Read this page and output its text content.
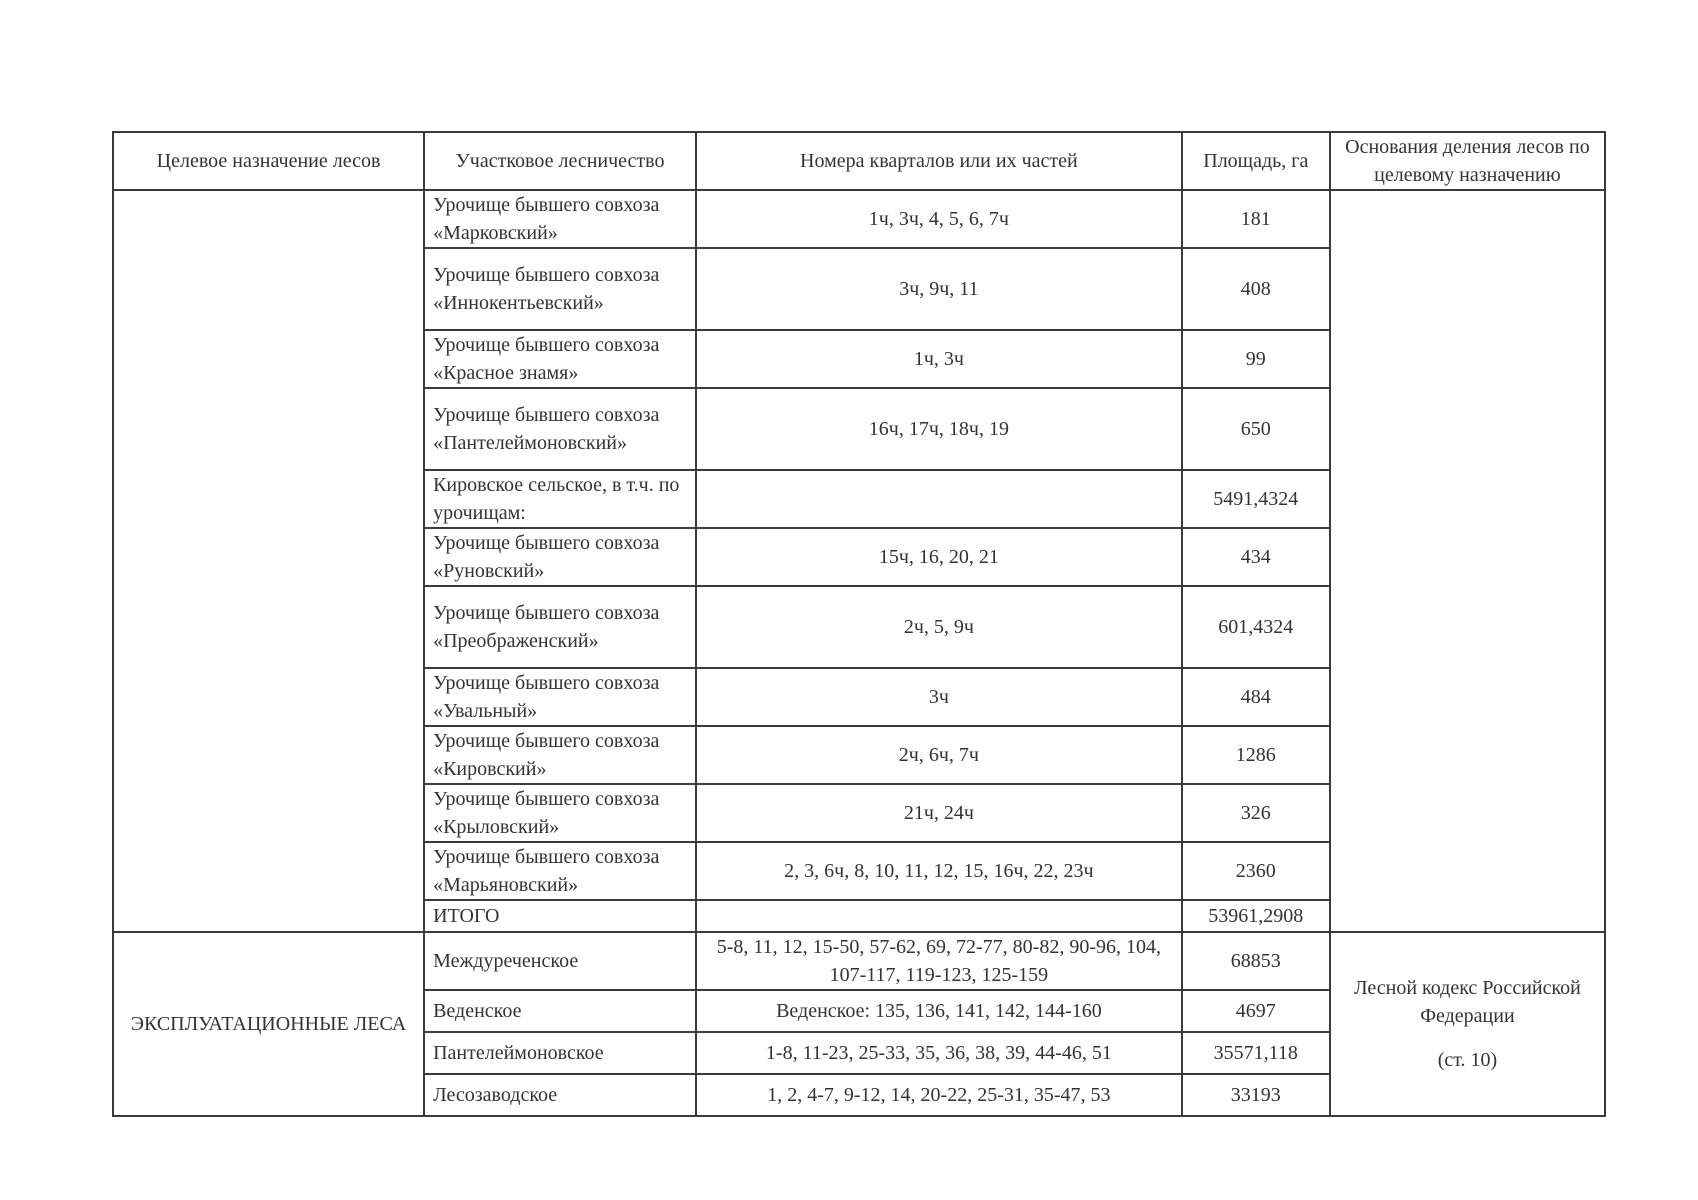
Целевое назначение лесов	Участковое лесничество	Номера кварталов или их частей	Площадь, га	Основания деления лесов по целевому назначению
	Урочище бывшего совхоза «Марковский»	1ч, 3ч, 4, 5, 6, 7ч	181	
	Урочище бывшего совхоза «Иннокентьевский»	3ч, 9ч, 11	408	
	Урочище бывшего совхоза «Красное знамя»	1ч, 3ч	99	
	Урочище бывшего совхоза «Пантелеймоновский»	16ч, 17ч, 18ч, 19	650	
	Кировское сельское, в т.ч. по урочищам:		5491,4324	
	Урочище бывшего совхоза «Руновский»	15ч, 16, 20, 21	434	
	Урочище бывшего совхоза «Преображенский»	2ч, 5, 9ч	601,4324	
	Урочище бывшего совхоза «Увальный»	3ч	484	
	Урочище бывшего совхоза «Кировский»	2ч, 6ч, 7ч	1286	
	Урочище бывшего совхоза «Крыловский»	21ч, 24ч	326	
	Урочище бывшего совхоза «Марьяновский»	2, 3, 6ч, 8, 10, 11, 12, 15, 16ч, 22, 23ч	2360	
	ИТОГО		53961,2908	
ЭКСПЛУАТАЦИОННЫЕ ЛЕСА	Междуреченское	5-8, 11, 12, 15-50, 57-62, 69, 72-77, 80-82, 90-96, 104, 107-117, 119-123, 125-159	68853	Лесной кодекс Российской Федерации
(ст. 10)

	Веденское	Веденское: 135, 136, 141, 142, 144-160	4697	
	Пантелеймоновское	1-8, 11-23, 25-33, 35, 36, 38, 39, 44-46, 51	35571,118	
	Лесозаводское	1, 2, 4-7, 9-12, 14, 20-22, 25-31, 35-47, 53	33193	
